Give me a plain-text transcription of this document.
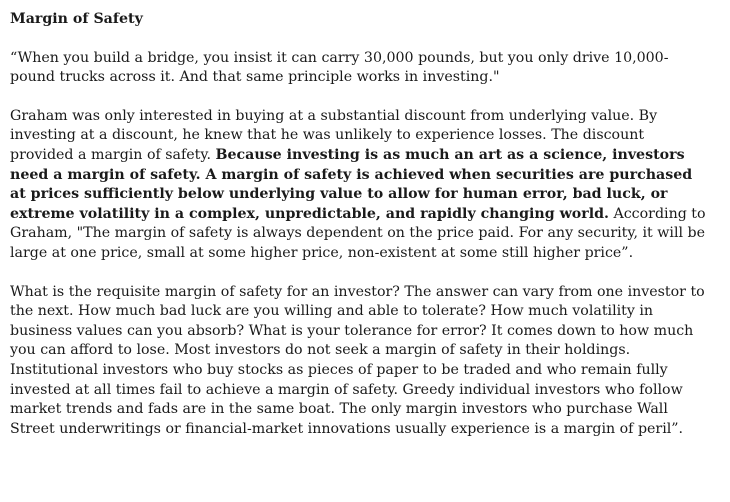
Margin of Safety

“When you build a bridge, you insist it can carry 30,000 pounds, but you only drive 10,000-pound trucks across it. And that same principle works in investing."

Graham was only interested in buying at a substantial discount from underlying value. By investing at a discount, he knew that he was unlikely to experience losses. The discount provided a margin of safety. Because investing is as much an art as a science, investors need a margin of safety. A margin of safety is achieved when securities are purchased at prices sufficiently below underlying value to allow for human error, bad luck, or extreme volatility in a complex, unpredictable, and rapidly changing world. According to Graham, "The margin of safety is always dependent on the price paid. For any security, it will be large at one price, small at some higher price, non-existent at some still higher price”.

What is the requisite margin of safety for an investor? The answer can vary from one investor to the next. How much bad luck are you willing and able to tolerate? How much volatility in business values can you absorb? What is your tolerance for error? It comes down to how much you can afford to lose. Most investors do not seek a margin of safety in their holdings. Institutional investors who buy stocks as pieces of paper to be traded and who remain fully invested at all times fail to achieve a margin of safety. Greedy individual investors who follow market trends and fads are in the same boat. The only margin investors who purchase Wall Street underwritings or financial-market innovations usually experience is a margin of peril”.
